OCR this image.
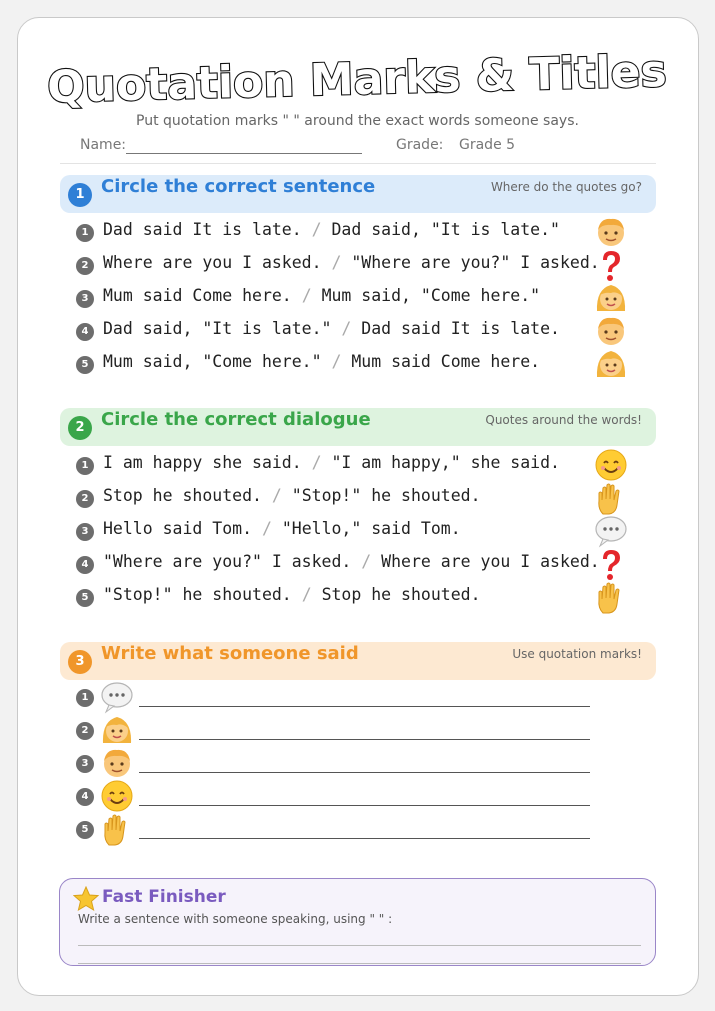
Quotation Marks & Titles
Put quotation marks " " around the exact words someone says.
Name:	Grade: Grade 5
1 Circle the correct sentence	Where do the quotes go?
1 Dad said It is late. / Dad said, "It is late."
2 Where are you I asked. / "Where are you?" I asked.
3 Mum said Come here. / Mum said, "Come here."
4 Dad said, "It is late." / Dad said It is late.
5 Mum said, "Come here." / Mum said Come here.
2 Circle the correct dialogue	Quotes around the words!
1 I am happy she said. / "I am happy," she said.
2 Stop he shouted. / "Stop!" he shouted.
3 Hello said Tom. / "Hello," said Tom.
4 "Where are you?" I asked. / Where are you I asked.
5 "Stop!" he shouted. / Stop he shouted.
3 Write what someone said	Use quotation marks!
1
2
3
4
5
Fast Finisher
Write a sentence with someone speaking, using " " :
